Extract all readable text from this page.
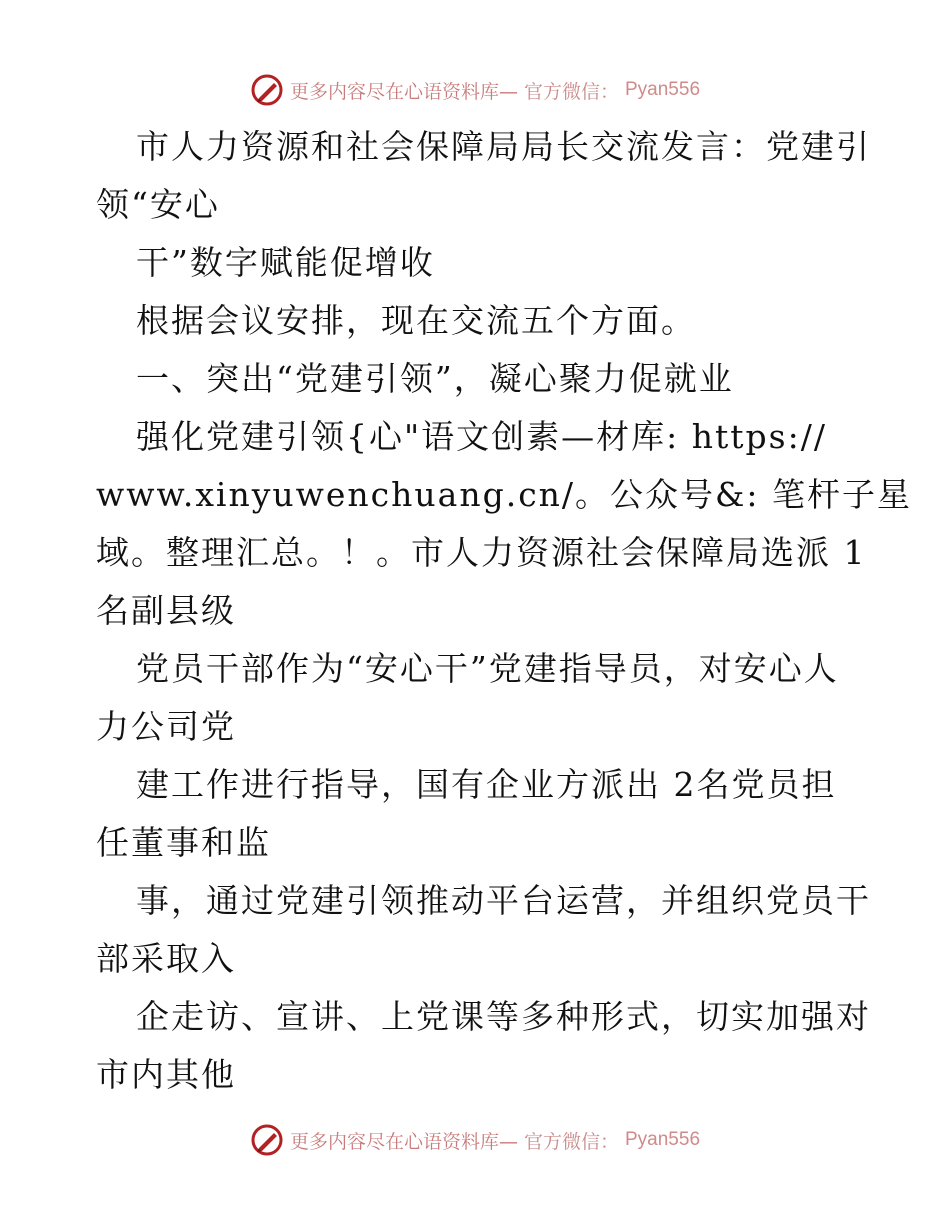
更多内容尽在心语资料库— 官方微信： Pyan556
市人力资源和社会保障局局长交流发言：党建引
领“安心
干”数字赋能促增收
根据会议安排，现在交流五个方面。
一、突出“党建引领”，凝心聚力促就业
强化党建引领{心"语文创素—材库: https://
www.xinyuwenchuang.cn/。公众号&: 笔杆子星
域。整理汇总。！。市人力资源社会保障局选派 1
名副县级
党员干部作为“安心干”党建指导员，对安心人
力公司党
建工作进行指导，国有企业方派出 2名党员担
任董事和监
事，通过党建引领推动平台运营，并组织党员干
部采取入
企走访、宣讲、上党课等多种形式，切实加强对
市内其他
更多内容尽在心语资料库— 官方微信： Pyan556
